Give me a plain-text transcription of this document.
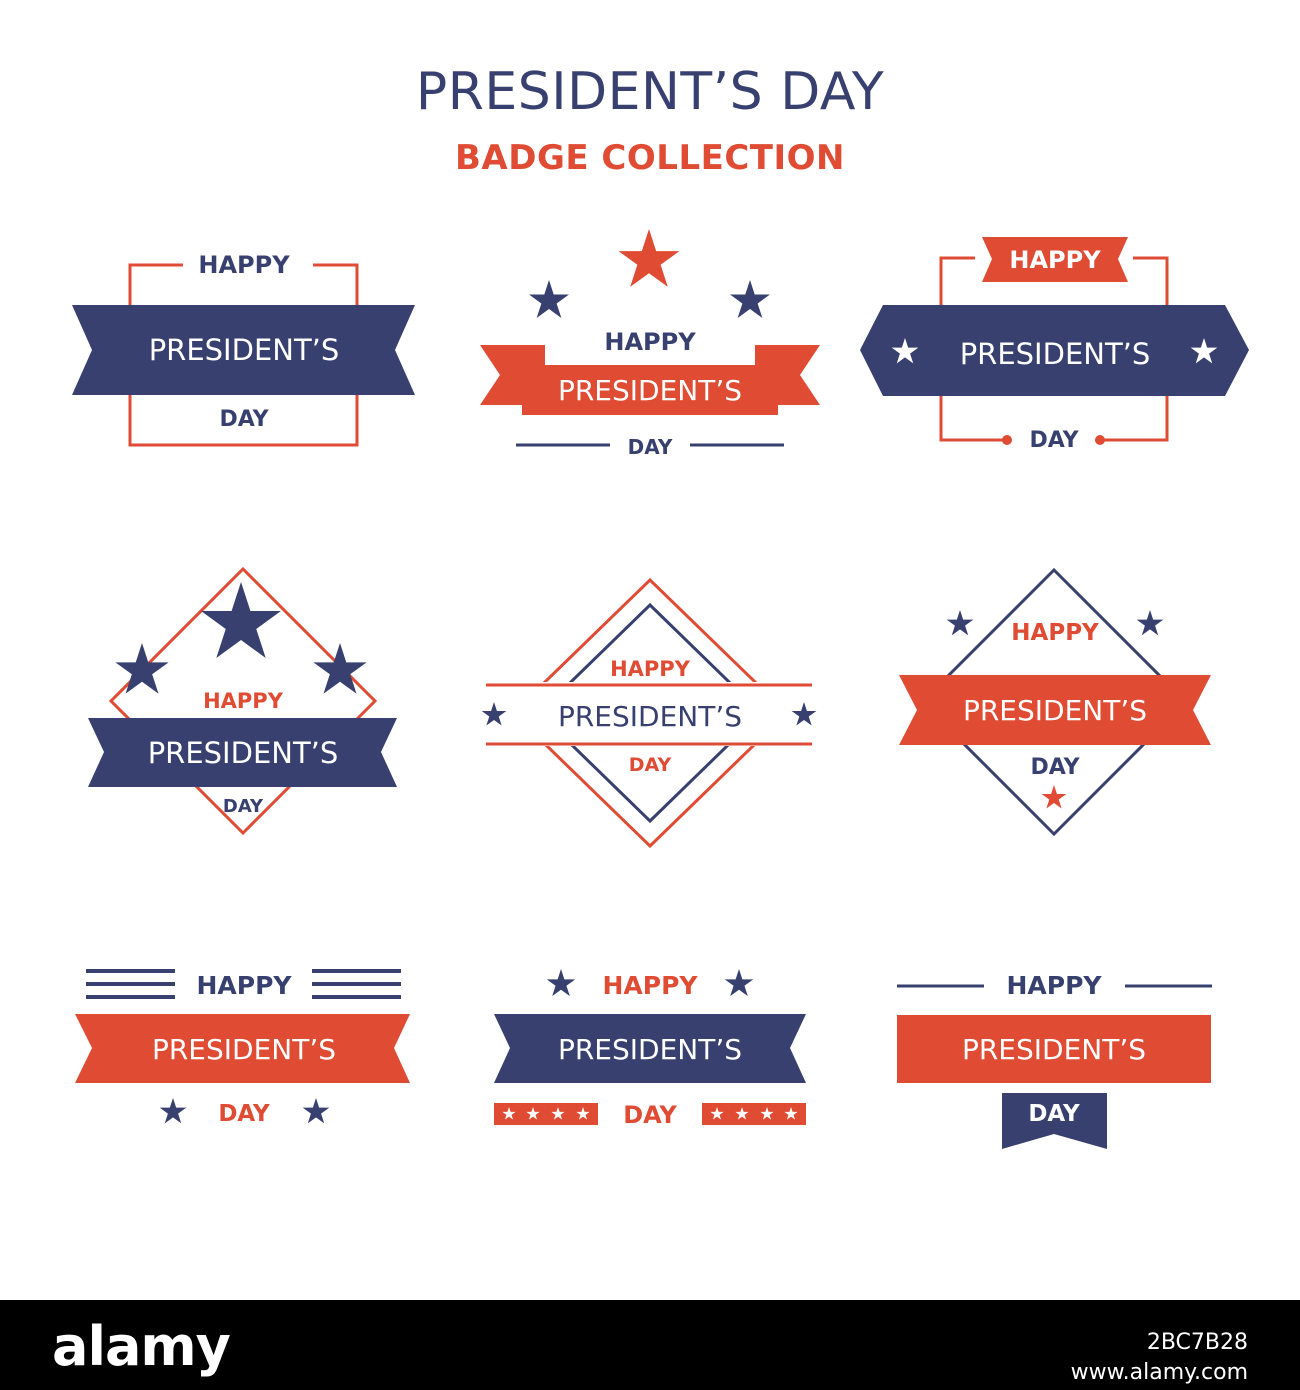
PRESIDENT’S DAY
BADGE COLLECTION
HAPPY
PRESIDENT’S
DAY
HAPPY
PRESIDENT’S
DAY
HAPPY
PRESIDENT’S
DAY
HAPPY
PRESIDENT’S
DAY
HAPPY
PRESIDENT’S
DAY
HAPPY
PRESIDENT’S
DAY
HAPPY
PRESIDENT’S
DAY
HAPPY
PRESIDENT’S
DAY
HAPPY
PRESIDENT’S
DAY
alamy	2BC7B28
www.alamy.com
